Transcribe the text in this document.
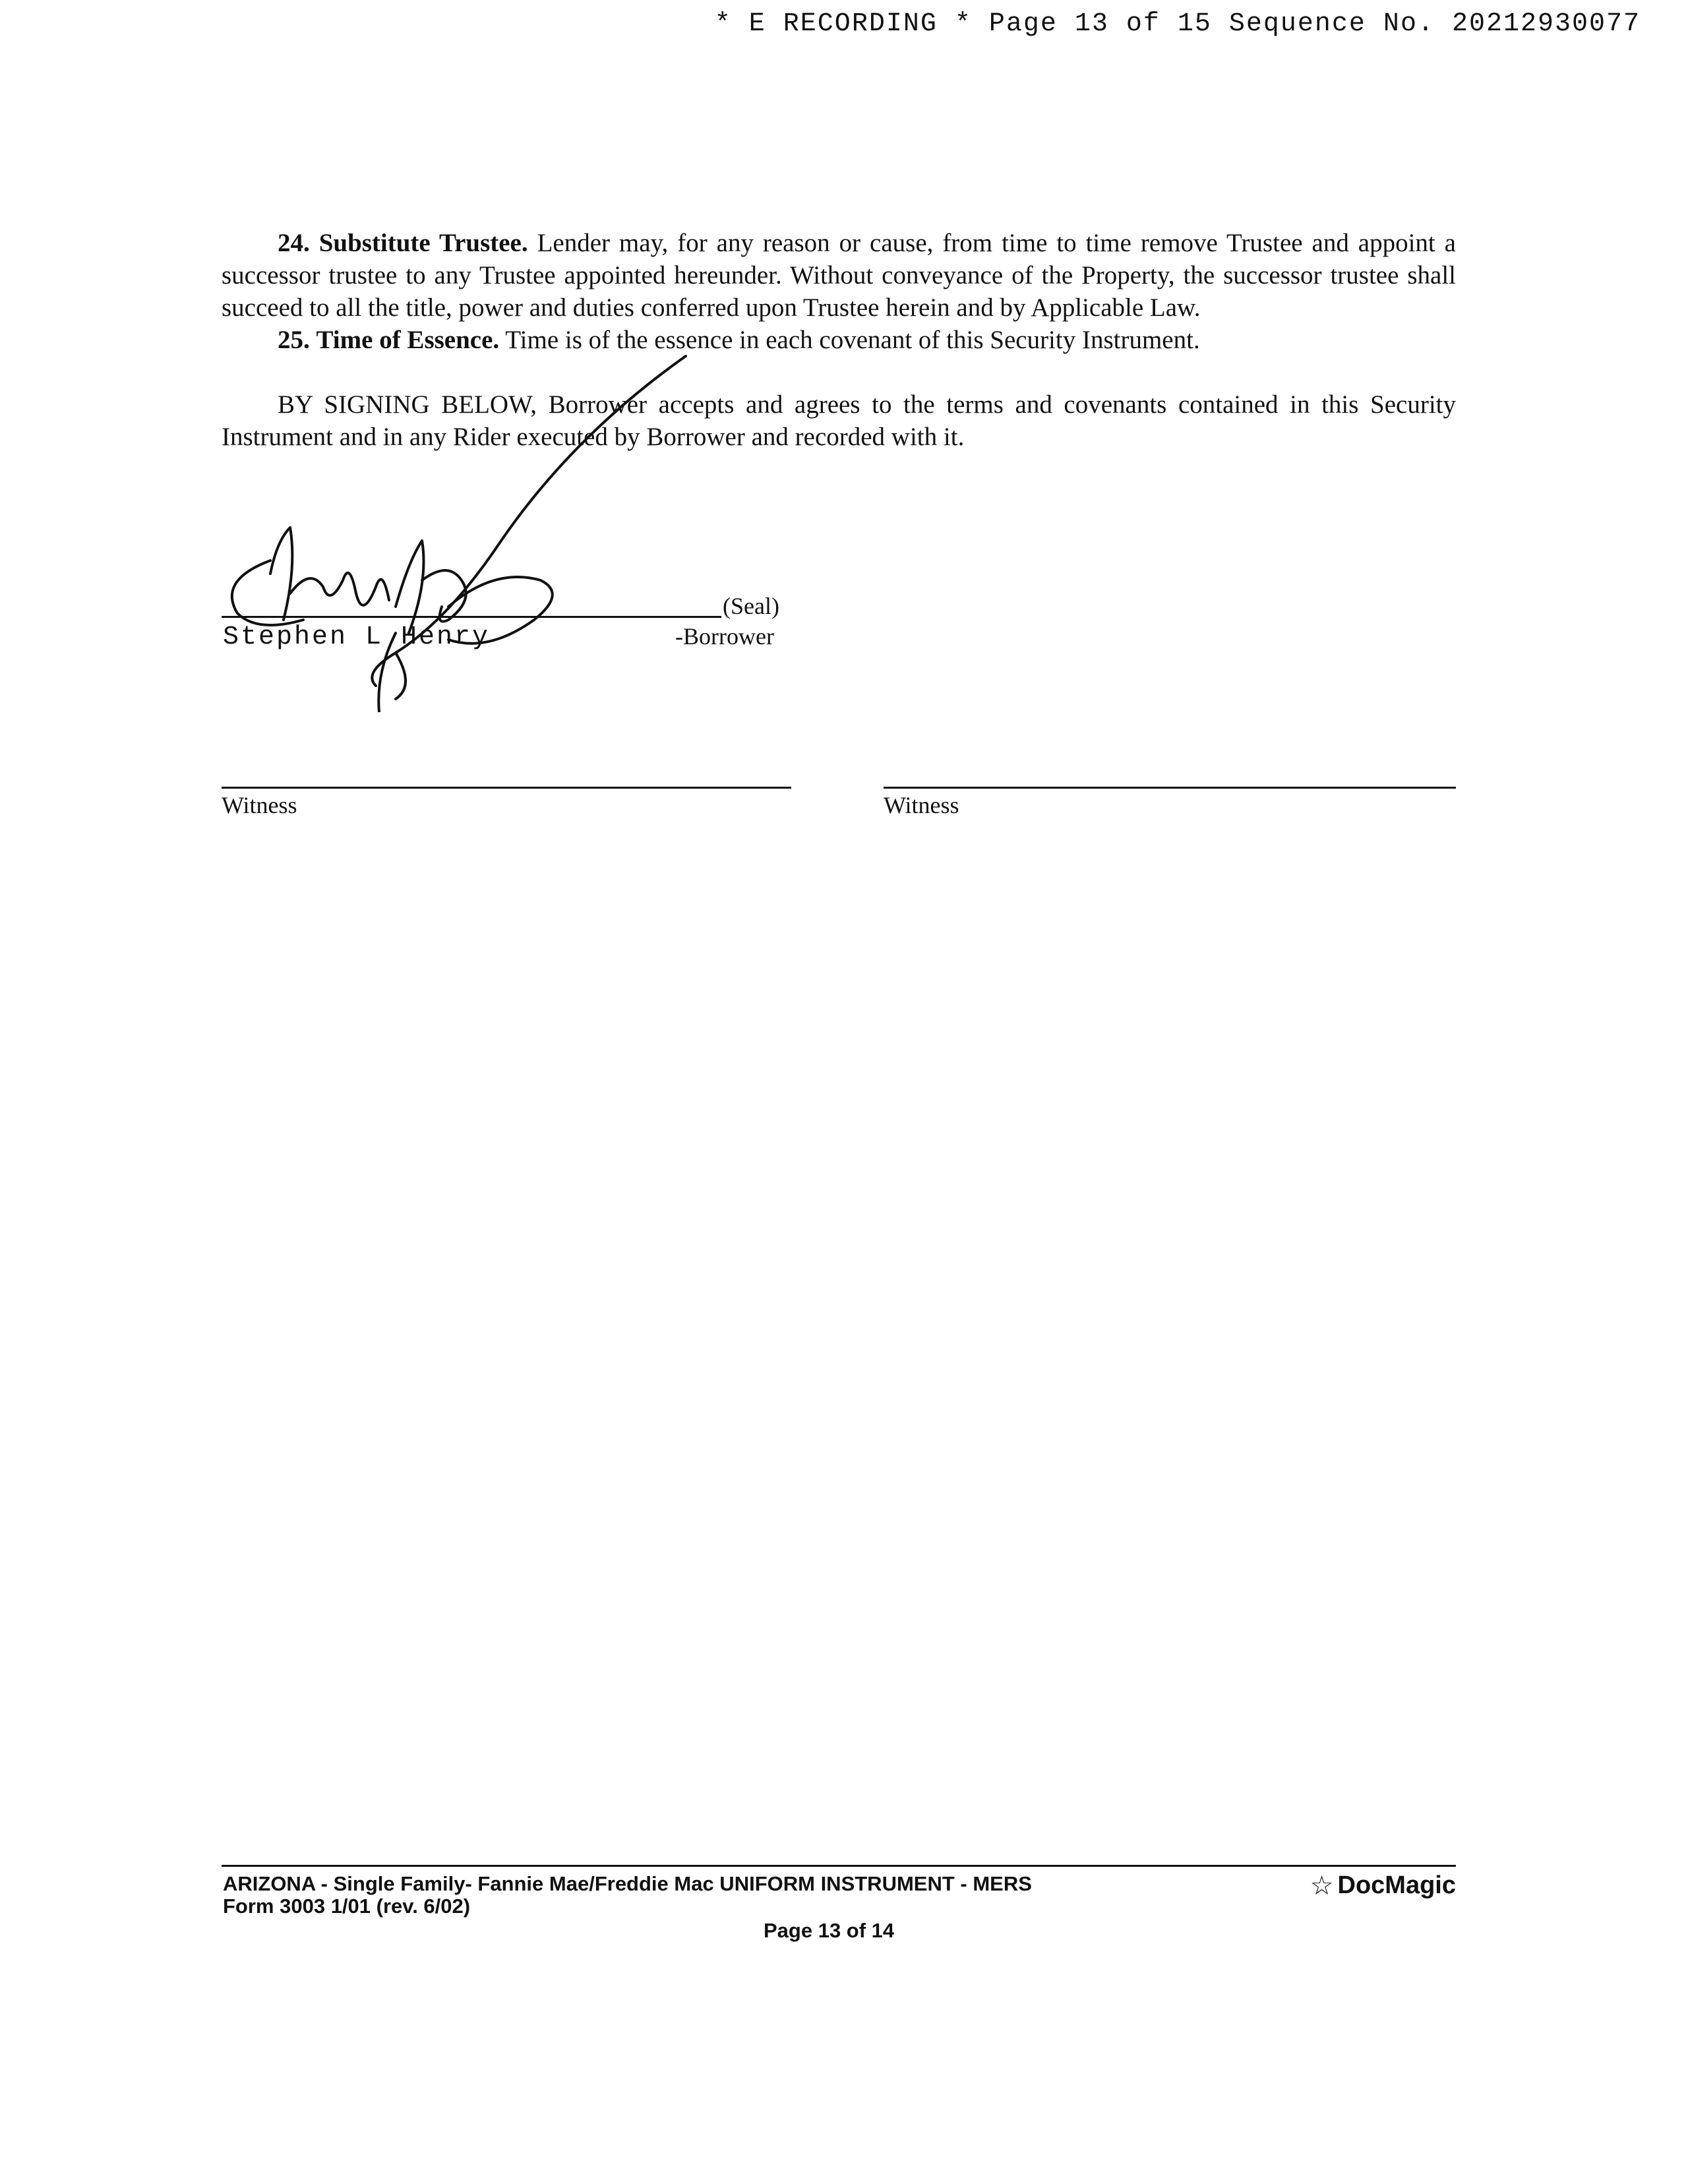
* E RECORDING * Page 13 of 15 Sequence No. 20212930077

24. Substitute Trustee. Lender may, for any reason or cause, from time to time remove Trustee and appoint a successor trustee to any Trustee appointed hereunder. Without conveyance of the Property, the successor trustee shall succeed to all the title, power and duties conferred upon Trustee herein and by Applicable Law.

25. Time of Essence. Time is of the essence in each covenant of this Security Instrument.

BY SIGNING BELOW, Borrower accepts and agrees to the terms and covenants contained in this Security Instrument and in any Rider executed by Borrower and recorded with it.

(Seal)
Stephen L Henry	-Borrower
Witness	Witness
ARIZONA - Single Family- Fannie Mae/Freddie Mac UNIFORM INSTRUMENT - MERS
Form 3003 1/01 (rev. 6/02)
Page 13 of 14
☆ DocMagic
